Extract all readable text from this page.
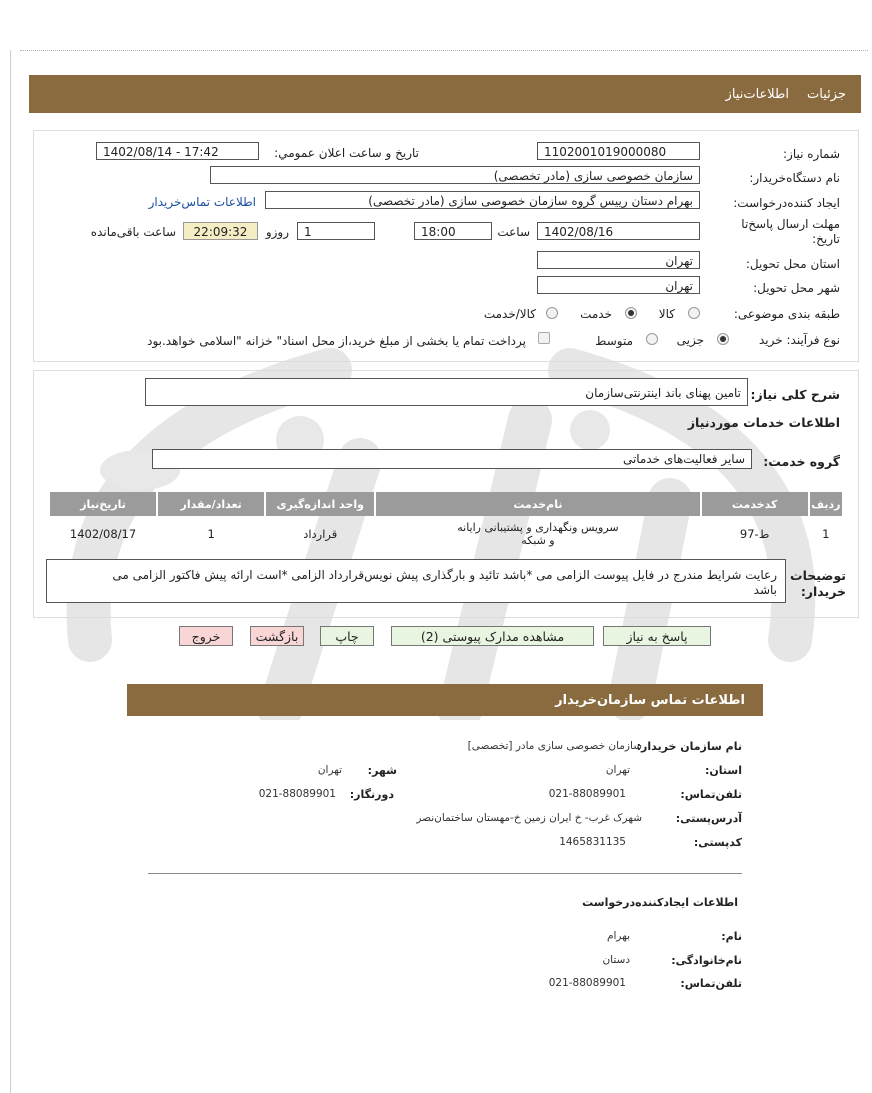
جزئيات
اطلاعات‌نیاز
شماره نیاز:
1102001019000080
تاریخ و ساعت اعلان عمومي:
1402/08/14 - 17:42
نام دستگاه‌خریدار:
سازمان خصوصی سازی (مادر تخصصی)
ایجاد کننده‌درخواست:
بهرام دستان رييس گروه سازمان خصوصی سازی (مادر تخصصی)
اطلاعات تماس‌خریدار
مهلت ارسال پاسخ‌تا تاریخ:
1402/08/16
ساعت
18:00
1
روزو
22:09:32
ساعت باقی‌مانده
استان محل تحویل:
تهران
شهر محل تحویل:
تهران
طبقه بندی موضوعی:
کالا
خدمت
کالا/خدمت
نوع فرآیند: خرید
جزیی
متوسط
پرداخت تمام یا بخشی از مبلغ خرید،از محل اسناد" خزانه "اسلامی خواهد.بود
شرح کلی نیاز:
تامین پهنای باند اینترنتی‌سازمان
اطلاعات خدمات موردنیاز
گروه خدمت:
سایر فعالیت‌های خدماتی
ردیف	کدخدمت	نام‌خدمت	واحد اندازه‌گیری	تعداد/مقدار	تاریخ‌نیاز
1	ط-97	سرویس ونگهداری و پشتیبانی رایانه
و شبکه	قرارداد	1	1402/08/17
توضیحات
خریدار:
رعایت شرایط مندرج در فایل پیوست الزامی می *باشد تائید و بارگذاری پیش نویس‌قرارداد الزامی *است ارائه پیش فاکتور الزامی می
باشد
پاسخ به نیاز
مشاهده مدارک پیوستی (2)
چاپ
بازگشت
خروج
اطلاعات تماس سازمان‌خریدار
نام سازمان خریدار:
سازمان خصوصی سازی مادر [تخصصی]
استان:
تهران
شهر:
تهران
تلفن‌تماس:
021-88089901
دورنگار:
021-88089901
آدرس‌پستی:
شهرک غرب- خ ایران زمین خ-مهستان ساختمان‌نصر
کدپستی:
1465831135
اطلاعات ایجادکننده‌درخواست
نام:
بهرام
نام‌خانوادگی:
دستان
تلفن‌تماس:
021-88089901
